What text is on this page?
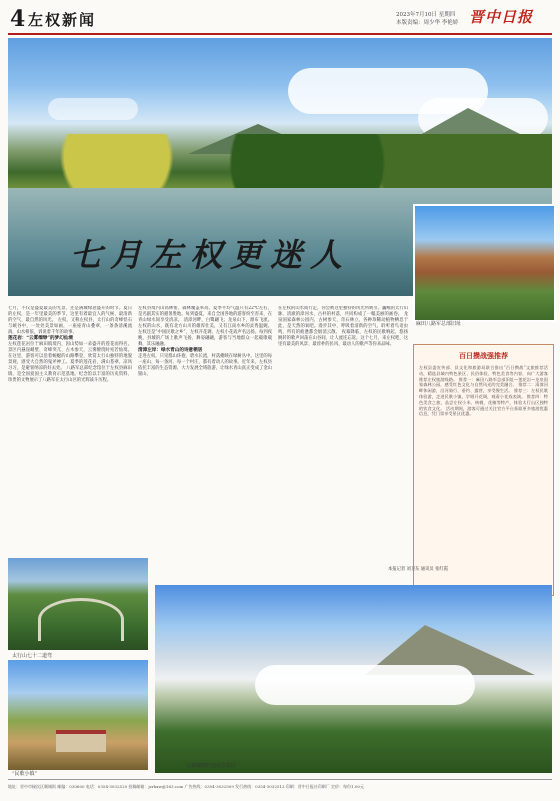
4 左权新闻	2023年7月10日 星期四
本版责编：周少华 李艳娇 晋中日报
七月左权更迷人
麻田八路军总部旧址
七月，不仅是盛夏最美的光景，还是满城绿意盛开的时节。夏日的左权，是一年里最美的季节，这里有着最宜人的气候、最清新的空气、最自然的风光。 左权，又称左权县，太行山的奇峰怪石与峡谷中，一处处美景如画，一座座青山叠翠，一条条清溪流淌，山水相依，诉说着千年的故事。
莲花岩：“云雾缥缈”的梦幻仙境
左权莲花岩位于麻田镇境内，因山势如一朵盛开的莲花而得名。景区内悬崖峭壁、奇峰突兀、古木参天，云雾缭绕时宛若仙境。在这里，游客可以沿着蜿蜒的山路攀登，欣赏太行山独特的地貌景观，感受大自然的鬼斧神工。夏季的莲花岩，满山苍翠，凉风习习，是避暑纳凉的好去处。 八路军总部纪念馆位于左权县麻田镇，是全国爱国主义教育示范基地。纪念馆以丰富的历史资料、珍贵的文物展示了八路军在太行山区的光辉战斗历程。
左权县境内山高林密，森林覆盖率高，夏季平均气温只有22℃左右，是名副其实的避暑胜地。每到盛夏，来自全国各地的游客纷至沓来，在青山绿水间享受清凉。 清漳河畔，白鹭翩飞；龙泉山下，瀑布飞流。左权的山水，既有北方山川的雄浑壮美，又有江南水乡的灵秀温婉。 左权还是“中国民歌之乡”，左权开花调、左权小花戏声名远扬。每到夜晚，县城的广场上歌声飞扬、舞姿翩翩，游客与当地群众一起载歌载舞，其乐融融。
清漳左岸：绿水青山的诗意栖居
走进左权，只见群山环抱、碧水长流，村落掩映在绿树丛中。这里的每一座山、每一条河、每一个村庄，都有着动人的故事。近年来，左权县依托丰富的生态资源，大力发展全域旅游，让绿水青山真正变成了金山银山。
在左权的山水间行走，你会被这里独特的风光所吸引。巍峨的太行山脉、清澈的漳河水、古朴的村落，共同构成了一幅美丽的画卷。 龙泉国家森林公园内，古树参天、奇石林立，各种珍稀动植物栖息于此，是天然的氧吧。漫步其中，呼吸着清新的空气，聆听着鸟语虫鸣，所有的疲惫都会烟消云散。 夜幕降临，左权的民歌响起，悠扬婉转的歌声回荡在山谷间，让人流连忘返。这个七月，来左权吧，这里有最美的风景、最淳朴的民风、最动人的歌声等你来品味。
百日攒战强推荐
左权县委宣传部、县文化和旅游局联合推出“百日攒战”文旅推荐活动，精选县域内特色景区、民俗体验、特色美食等内容，向广大游客推荐左权旅游线路。 推荐一：麻田八路军总部旧址—莲花岩—龙泉国家森林公园，感受红色文化与自然风光的完美融合。 推荐二：清漳河畔休闲游，沿河骑行、垂钓、露营，享受慢生活。 推荐三：左权民歌体验游，走进民歌小镇，学唱开花调，观看小花戏表演。 推荐四：特色美食之旅，品尝左权小米、核桃、花椒等特产，体验太行山区独特的饮食文化。 活动期间，游客可通过关注官方平台获取更多旅游优惠信息，凭门票享受景区优惠。
本报记者 刘卫东 通讯员 张红霞
太行山七十二道弯
“民歌小镇”
云雾缭绕的莲花岩景区
地址：晋中市榆次区顺城街 邮编：030600 电话：0354-3032520 投稿邮箱：jzrbxw@163.com 广告热线：0354-3032509 发行热线：0354-3032513 印刷：晋中日报社印刷厂 定价：每份1.00元
